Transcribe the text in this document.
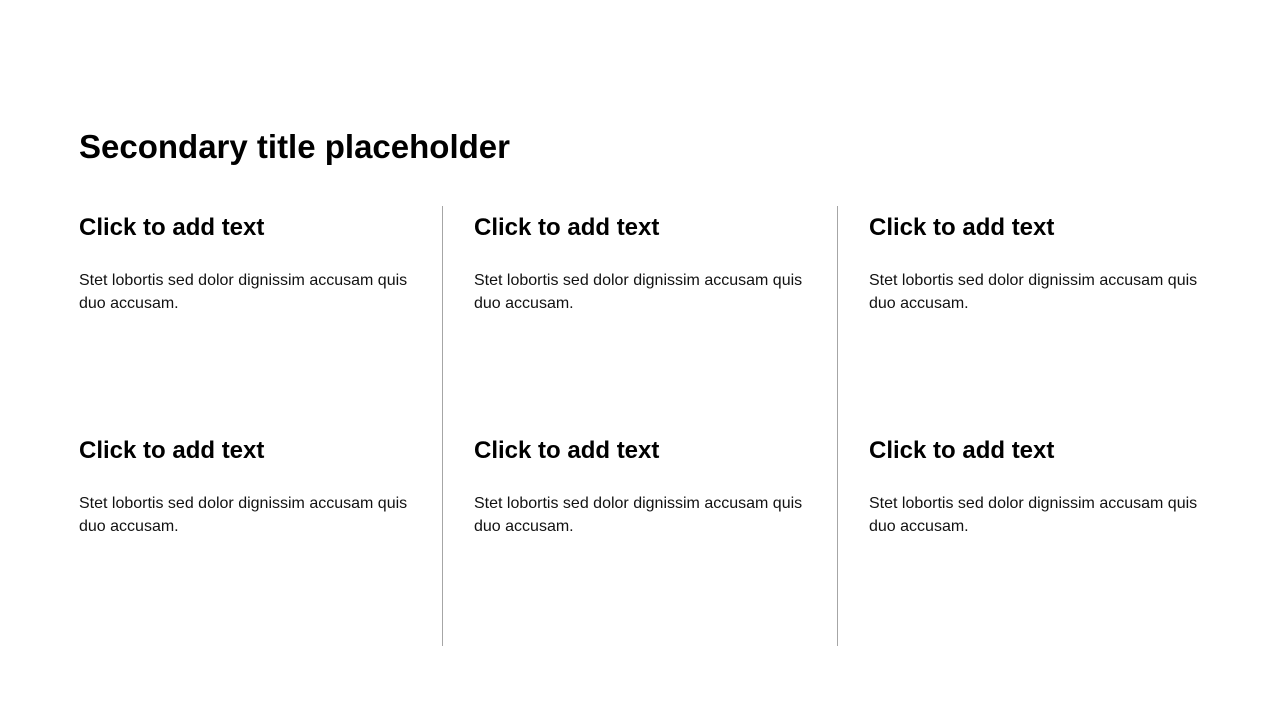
Secondary title placeholder
Click to add text

Stet lobortis sed dolor dignissim accusam quis duo accusam.

Click to add text

Stet lobortis sed dolor dignissim accusam quis duo accusam.

Click to add text

Stet lobortis sed dolor dignissim accusam quis duo accusam.

Click to add text

Stet lobortis sed dolor dignissim accusam quis duo accusam.

Click to add text

Stet lobortis sed dolor dignissim accusam quis duo accusam.

Click to add text

Stet lobortis sed dolor dignissim accusam quis duo accusam.
